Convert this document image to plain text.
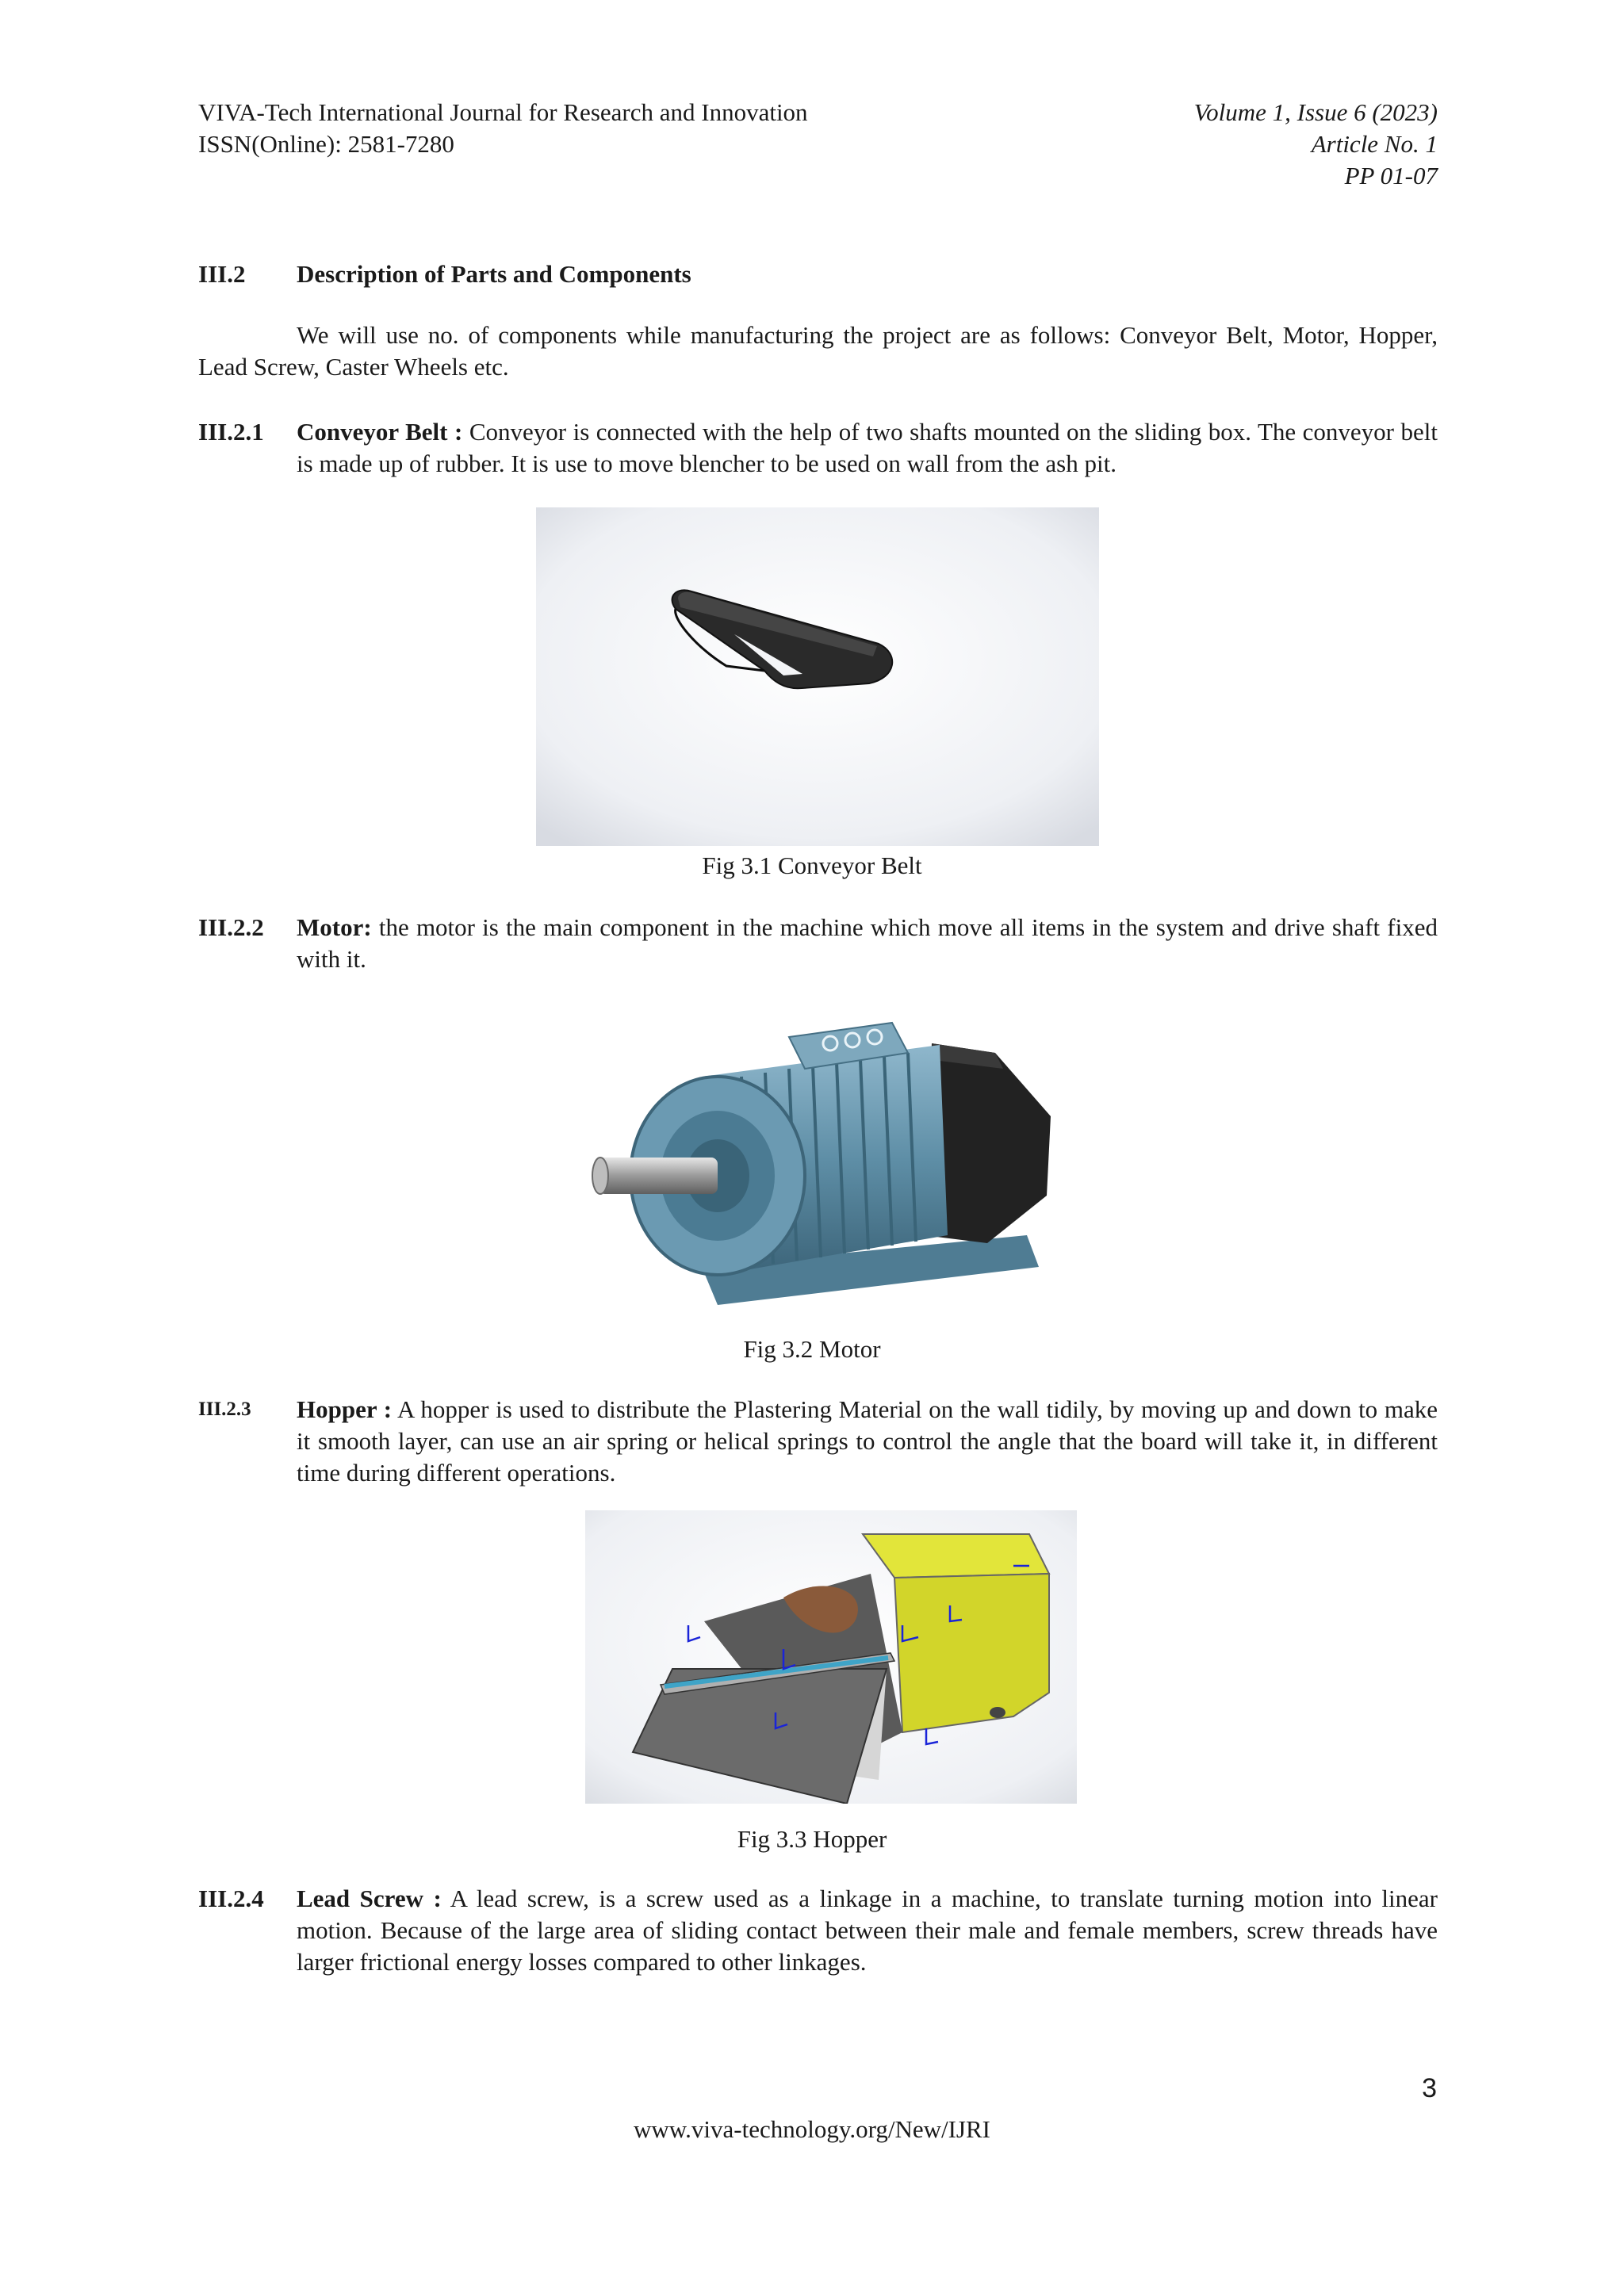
VIVA-Tech International Journal for Research and Innovation
ISSN(Online): 2581-7280
Volume 1, Issue 6 (2023)
Article No. 1
PP 01-07
III.2 Description of Parts and Components
We will use no. of components while manufacturing the project are as follows: Conveyor Belt, Motor, Hopper, Lead Screw, Caster Wheels etc.
III.2.1 Conveyor Belt : Conveyor is connected with the help of two shafts mounted on the sliding box. The conveyor belt is made up of rubber. It is use to move blencher to be used on wall from the ash pit.
Fig 3.1 Conveyor Belt
III.2.2 Motor: the motor is the main component in the machine which move all items in the system and drive shaft fixed with it.
Fig 3.2 Motor
III.2.3 Hopper : A hopper is used to distribute the Plastering Material on the wall tidily, by moving up and down to make it smooth layer, can use an air spring or helical springs to control the angle that the board will take it, in different time during different operations.
Fig 3.3 Hopper
III.2.4 Lead Screw : A lead screw, is a screw used as a linkage in a machine, to translate turning motion into linear motion. Because of the large area of sliding contact between their male and female members, screw threads have larger frictional energy losses compared to other linkages.
3
www.viva-technology.org/New/IJRI
